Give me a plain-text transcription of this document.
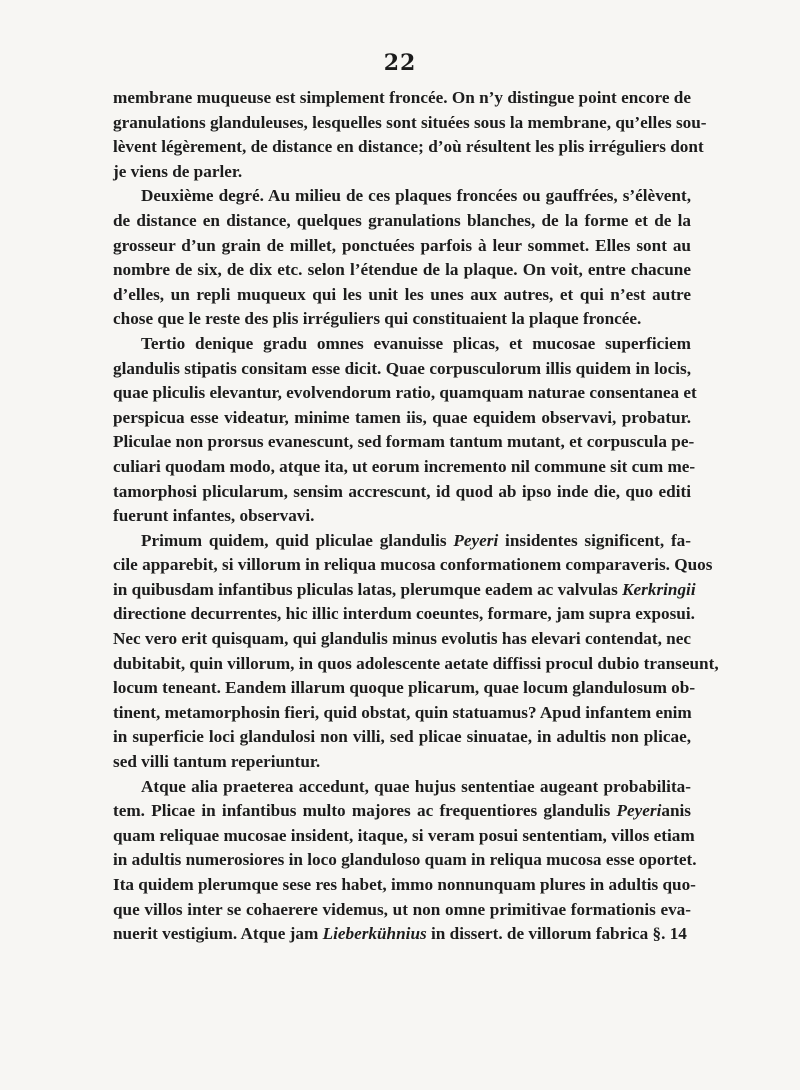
22
membrane muqueuse est simplement froncée. On n’y distingue point encore de
granulations glanduleuses, lesquelles sont situées sous la membrane, qu’elles sou-
lèvent légèrement, de distance en distance; d’où résultent les plis irréguliers dont
je viens de parler.
Deuxième degré. Au milieu de ces plaques froncées ou gauffrées, s’élèvent,
de distance en distance, quelques granulations blanches, de la forme et de la
grosseur d’un grain de millet, ponctuées parfois à leur sommet. Elles sont au
nombre de six, de dix etc. selon l’étendue de la plaque. On voit, entre chacune
d’elles, un repli muqueux qui les unit les unes aux autres, et qui n’est autre
chose que le reste des plis irréguliers qui constituaient la plaque froncée.
Tertio denique gradu omnes evanuisse plicas, et mucosae superficiem
glandulis stipatis consitam esse dicit. Quae corpusculorum illis quidem in locis,
quae pliculis elevantur, evolvendorum ratio, quamquam naturae consentanea et
perspicua esse videatur, minime tamen iis, quae equidem observavi, probatur.
Pliculae non prorsus evanescunt, sed formam tantum mutant, et corpuscula pe-
culiari quodam modo, atque ita, ut eorum incremento nil commune sit cum me-
tamorphosi plicularum, sensim accrescunt, id quod ab ipso inde die, quo editi
fuerunt infantes, observavi.
Primum quidem, quid pliculae glandulis Peyeri insidentes significent, fa-
cile apparebit, si villorum in reliqua mucosa conformationem comparaveris. Quos
in quibusdam infantibus pliculas latas, plerumque eadem ac valvulas Kerkringii
directione decurrentes, hic illic interdum coeuntes, formare, jam supra exposui.
Nec vero erit quisquam, qui glandulis minus evolutis has elevari contendat, nec
dubitabit, quin villorum, in quos adolescente aetate diffissi procul dubio transeunt,
locum teneant. Eandem illarum quoque plicarum, quae locum glandulosum ob-
tinent, metamorphosin fieri, quid obstat, quin statuamus? Apud infantem enim
in superficie loci glandulosi non villi, sed plicae sinuatae, in adultis non plicae,
sed villi tantum reperiuntur.
Atque alia praeterea accedunt, quae hujus sententiae augeant probabilita-
tem. Plicae in infantibus multo majores ac frequentiores glandulis Peyerianis
quam reliquae mucosae insident, itaque, si veram posui sententiam, villos etiam
in adultis numerosiores in loco glanduloso quam in reliqua mucosa esse oportet.
Ita quidem plerumque sese res habet, immo nonnunquam plures in adultis quo-
que villos inter se cohaerere videmus, ut non omne primitivae formationis eva-
nuerit vestigium. Atque jam Lieberkühnius in dissert. de villorum fabrica §. 14
